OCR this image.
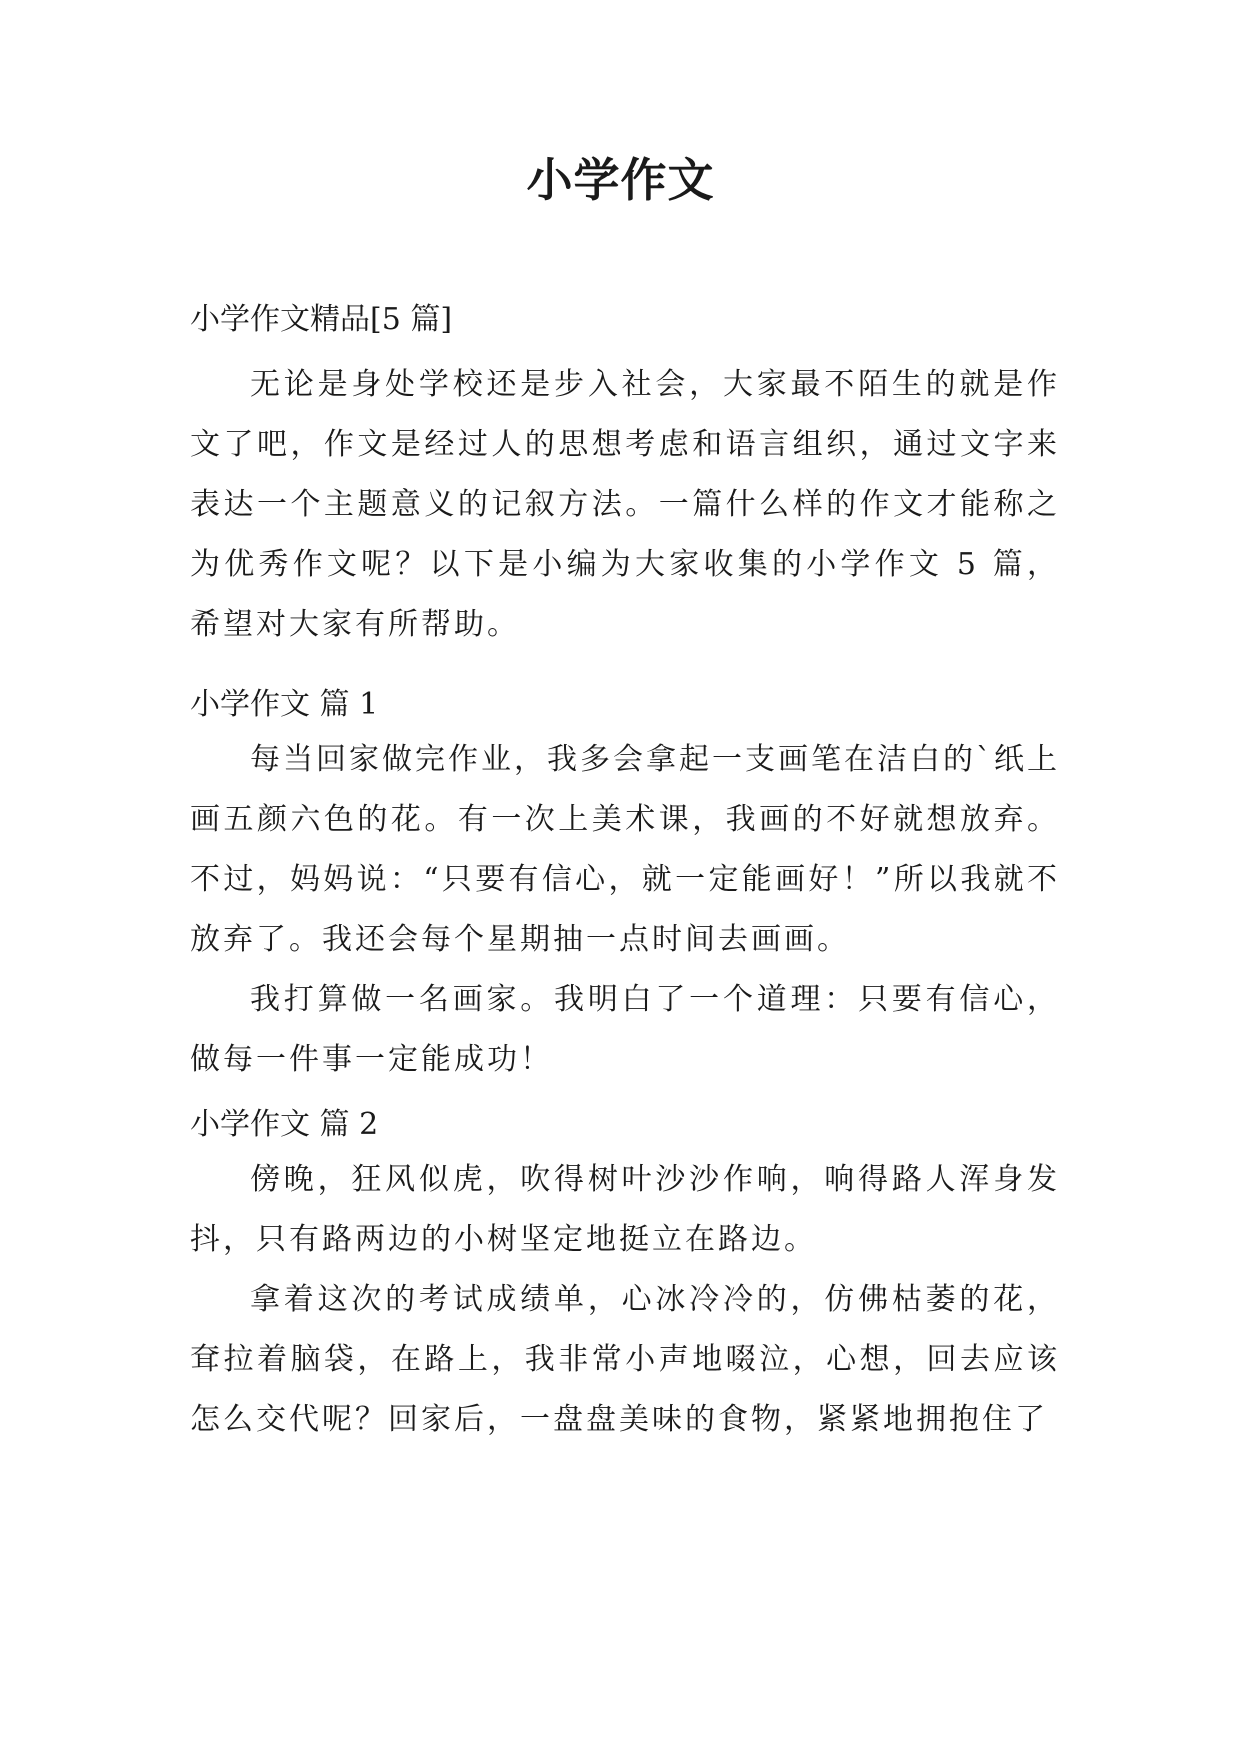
小学作文
小学作文精品[5 篇]

无论是身处学校还是步入社会，大家最不陌生的就是作文了吧，作文是经过人的思想考虑和语言组织，通过文字来表达一个主题意义的记叙方法。一篇什么样的作文才能称之为优秀作文呢？以下是小编为大家收集的小学作文 5 篇，希望对大家有所帮助。

小学作文 篇 1

每当回家做完作业，我多会拿起一支画笔在洁白的`纸上画五颜六色的花。有一次上美术课，我画的不好就想放弃。不过，妈妈说：“只要有信心，就一定能画好！”所以我就不放弃了。我还会每个星期抽一点时间去画画。

我打算做一名画家。我明白了一个道理：只要有信心，做每一件事一定能成功！

小学作文 篇 2

傍晚，狂风似虎，吹得树叶沙沙作响，响得路人浑身发抖，只有路两边的小树坚定地挺立在路边。

拿着这次的考试成绩单，心冰冷冷的，仿佛枯萎的花，耷拉着脑袋，在路上，我非常小声地啜泣，心想，回去应该怎么交代呢？回家后，一盘盘美味的食物，紧紧地拥抱住了
